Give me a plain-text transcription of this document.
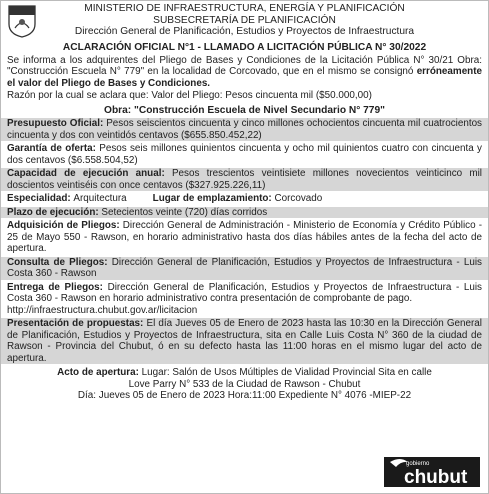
MINISTERIO DE INFRAESTRUCTURA, ENERGÍA Y PLANIFICACIÓN
SUBSECRETARÍA DE PLANIFICACIÓN
Dirección General de Planificación, Estudios y Proyectos de Infraestructura
ACLARACIÓN OFICIAL N°1 - LLAMADO A LICITACIÓN PÚBLICA N° 30/2022
Se informa a los adquirentes del Pliego de Bases y Condiciones de la Licitación Pública N° 30/21 Obra: "Construcción Escuela N° 779" en la localidad de Corcovado, que en el mismo se consignó erróneamente el valor del Pliego de Bases y Condiciones.
Razón por la cual se aclara que: Valor del Pliego: Pesos cincuenta mil ($50.000,00)
Obra: "Construcción Escuela de Nivel Secundario N° 779"
Presupuesto Oficial: Pesos seiscientos cincuenta y cinco millones ochocientos cincuenta mil cuatrocientos cincuenta y dos con veintidós centavos ($655.850.452,22)
Garantía de oferta: Pesos seis millones quinientos cincuenta y ocho mil quinientos cuatro con cincuenta y dos centavos ($6.558.504,52)
Capacidad de ejecución anual: Pesos trescientos veintisiete millones novecientos veinticinco mil doscientos veintiséis con once centavos ($327.925.226,11)
Especialidad: Arquitectura	Lugar de emplazamiento: Corcovado
Plazo de ejecución: Setecientos veinte (720) días corridos
Adquisición de Pliegos: Dirección General de Administración - Ministerio de Economía y Crédito Público - 25 de Mayo 550 - Rawson, en horario administrativo hasta dos días hábiles antes de la fecha del acto de apertura.
Consulta de Pliegos: Dirección General de Planificación, Estudios y Proyectos de Infraestructura - Luis Costa 360 - Rawson
Entrega de Pliegos: Dirección General de Planificación, Estudios y Proyectos de Infraestructura - Luis Costa 360 - Rawson en horario administrativo contra presentación de comprobante de pago.
http://infraestructura.chubut.gov.ar/licitacion
Presentación de propuestas: El día Jueves 05 de Enero de 2023 hasta las 10:30 en la Dirección General de Planificación, Estudios y Proyectos de Infraestructura, sita en Calle Luis Costa N° 360 de la ciudad de Rawson - Provincia del Chubut, ó en su defecto hasta las 11:00 horas en el mismo lugar del acto de apertura.
Acto de apertura: Lugar: Salón de Usos Múltiples de Vialidad Provincial Sita en calle
Love Parry N° 533 de la Ciudad de Rawson - Chubut
Día: Jueves 05 de Enero de 2023 Hora:11:00 Expediente N° 4076 -MIEP-22
gobierno
chubut
